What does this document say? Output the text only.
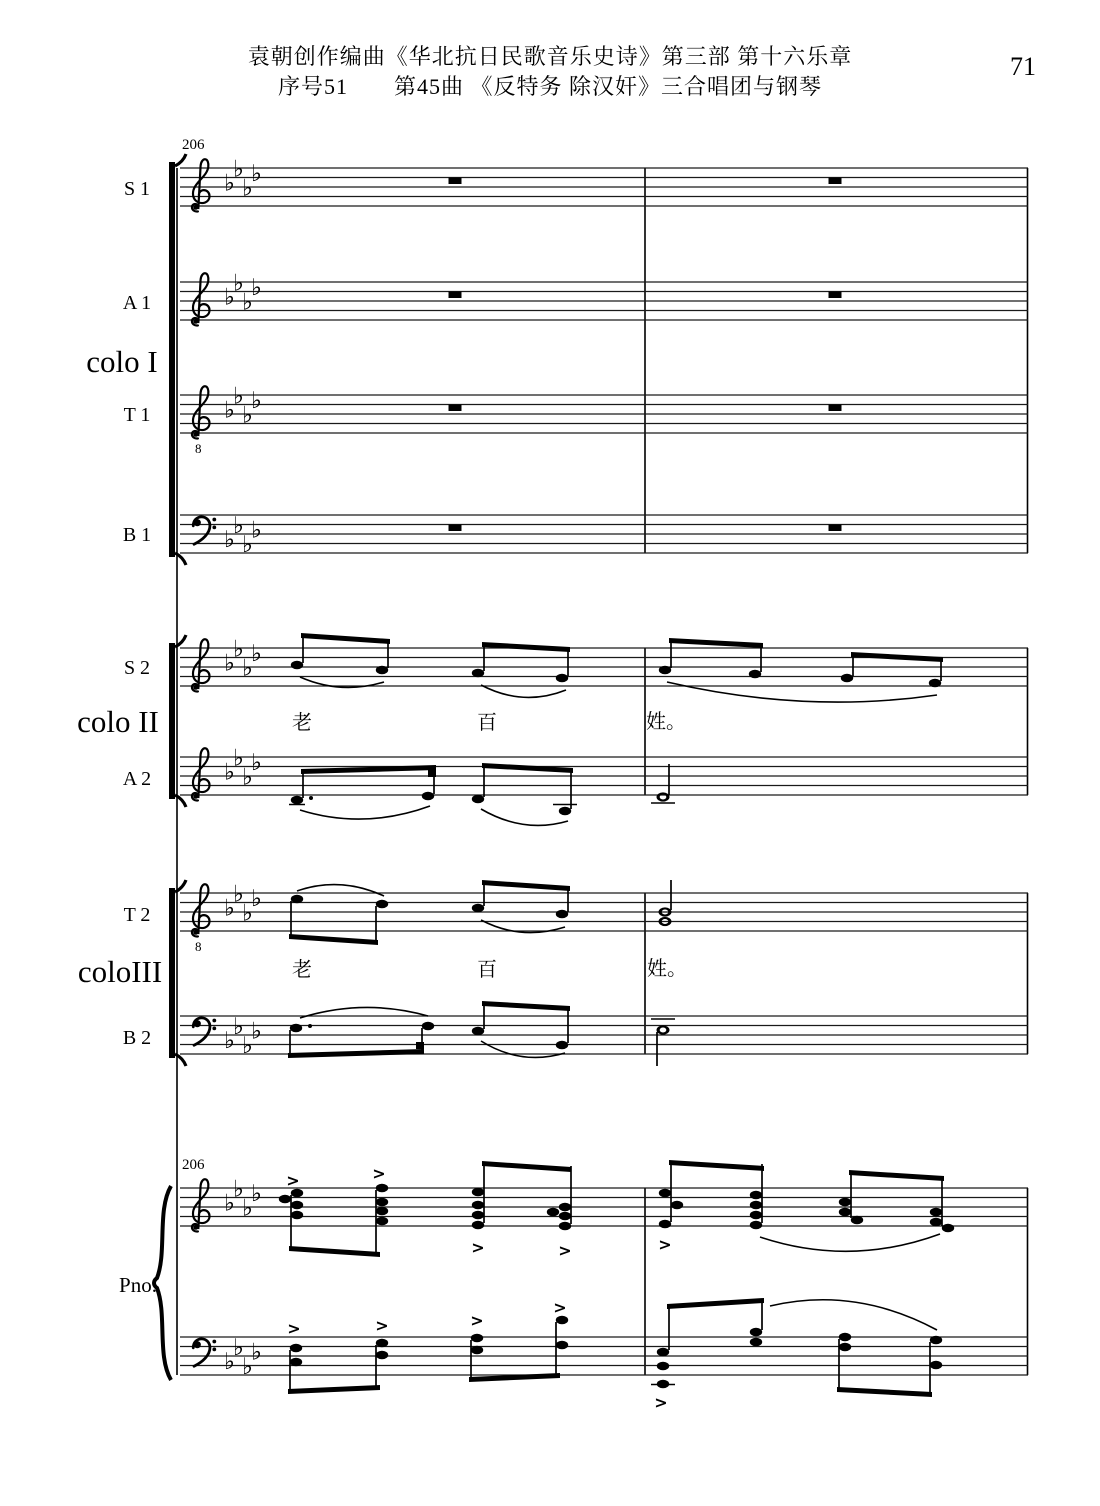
袁朝创作编曲《华北抗日民歌音乐史诗》第三部 第十六乐章
序号51　　第45曲 《反特务 除汉奸》三合唱团与钢琴
71
♭
♭
♭
♭
♭
♭
♭
♭
8
♭
♭
♭
♭
♭
♭
♭
♭
♭
♭
♭
♭
♭
♭
♭
♭
8
♭
♭
♭
♭
♭
♭
♭
♭
♭
♭
♭
♭
>	>
>	>	>
♭
♭
♭
♭
>	>	>
>
>
206
206
S 1
A 1
T 1
B 1
S 2
A 2
T 2
B 2
colo I
colo II
coloIII
Pno.
老	百	姓。
老	百	姓。
